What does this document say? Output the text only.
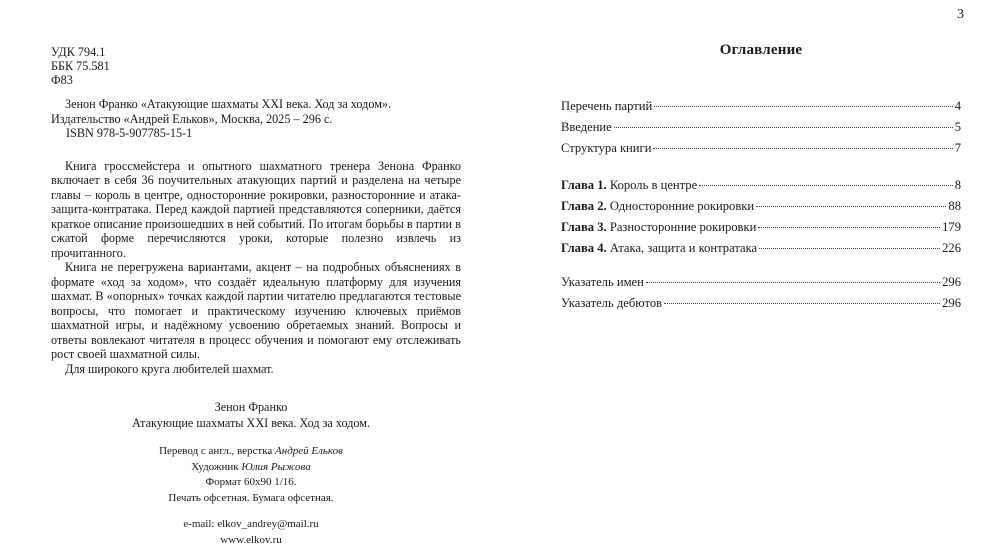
3
УДК 794.1
ББК 75.581
Ф83
Зенон Франко «Атакующие шахматы XXI века. Ход за ходом».
Издательство «Андрей Ельков», Москва, 2025 – 296 с.
ISBN 978-5-907785-15-1

Книга гроссмейстера и опытного шахматного тренера Зенона Франко включает в себя 36 поучительных атакующих партий и разделена на четыре главы – король в центре, односторонние рокировки, разносторонние и атака-защита-контратака. Перед каждой партией представляются соперники, даётся краткое описание произошедших в ней событий. По итогам борьбы в партии в сжатой форме перечисляются уроки, которые полезно извлечь из прочитанного.

Книга не перегружена вариантами, акцент – на подробных объяснениях в формате «ход за ходом», что создаёт идеальную платформу для изучения шахмат. В «опорных» точках каждой партии читателю предлагаются тестовые вопросы, что помогает и практическому изучению ключевых приёмов шахматной игры, и надёжному усвоению обретаемых знаний. Вопросы и ответы вовлекают читателя в процесс обучения и помогают ему отслеживать рост своей шахматной силы.

Для широкого круга любителей шахмат.

Зенон Франко
Атакующие шахматы XXI века. Ход за ходом.
Перевод с англ., верстка Андрей Ельков
Художник Юлия Рыжова
Формат 60х90 1/16.
Печать офсетная. Бумага офсетная.
e-mail: elkov_andrey@mail.ru
www.elkov.ru
Оглавление
Перечень партий	4
Введение	5
Структура книги	7
Глава 1. Король в центре	8
Глава 2. Односторонние рокировки	88
Глава 3. Разносторонние рокировки	179
Глава 4. Атака, защита и контратака	226
Указатель имен	296
Указатель дебютов	296
